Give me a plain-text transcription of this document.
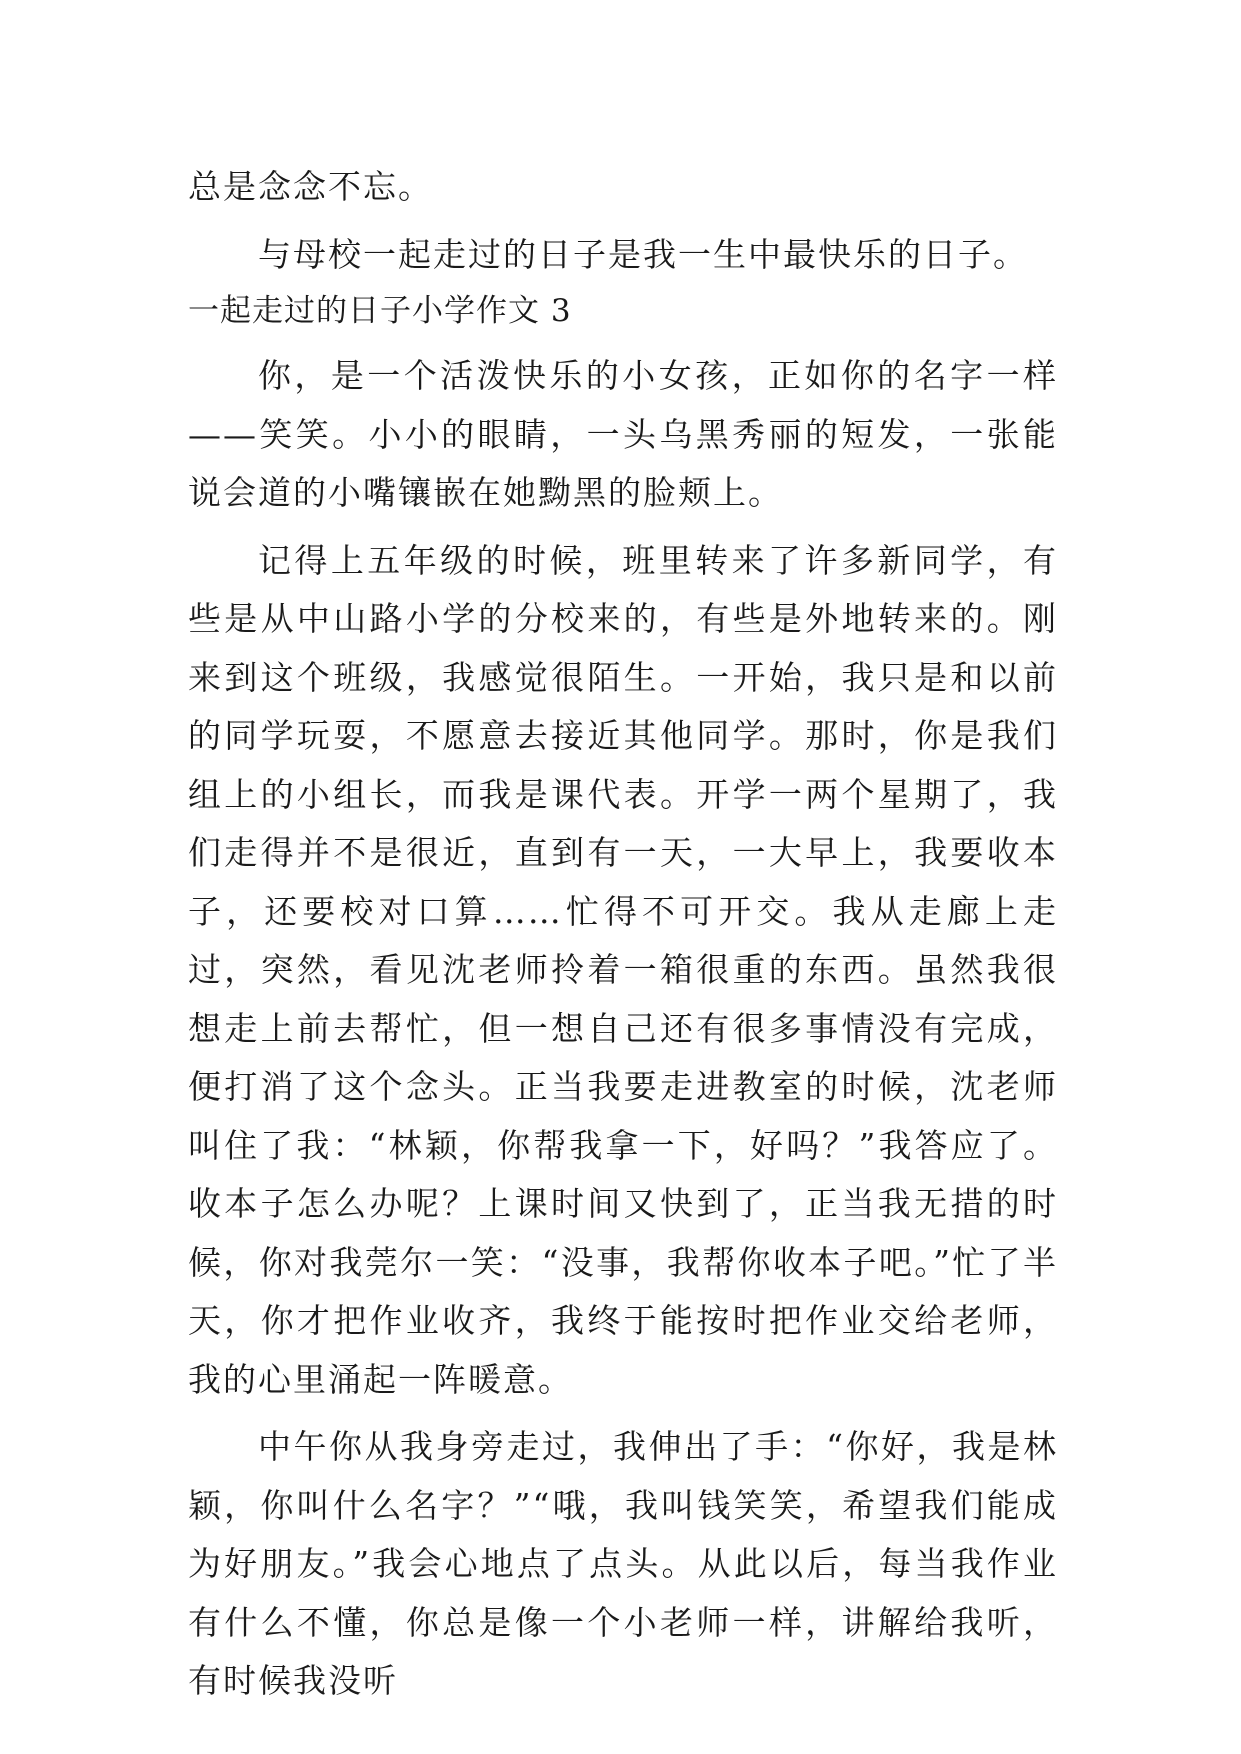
总是念念不忘。

与母校一起走过的日子是我一生中最快乐的日子。

一起走过的日子小学作文 3

你，是一个活泼快乐的小女孩，正如你的名字一样——笑笑。小小的眼睛，一头乌黑秀丽的短发，一张能说会道的小嘴镶嵌在她黝黑的脸颊上。

记得上五年级的时候，班里转来了许多新同学，有些是从中山路小学的分校来的，有些是外地转来的。刚来到这个班级，我感觉很陌生。一开始，我只是和以前的同学玩耍，不愿意去接近其他同学。那时，你是我们组上的小组长，而我是课代表。开学一两个星期了，我们走得并不是很近，直到有一天，一大早上，我要收本子，还要校对口算……忙得不可开交。我从走廊上走过，突然，看见沈老师拎着一箱很重的东西。虽然我很想走上前去帮忙，但一想自己还有很多事情没有完成，便打消了这个念头。正当我要走进教室的时候，沈老师叫住了我：“林颖，你帮我拿一下，好吗？”我答应了。收本子怎么办呢？上课时间又快到了，正当我无措的时候，你对我莞尔一笑：“没事，我帮你收本子吧。”忙了半天，你才把作业收齐，我终于能按时把作业交给老师，我的心里涌起一阵暖意。

中午你从我身旁走过，我伸出了手：“你好，我是林颖，你叫什么名字？”“哦，我叫钱笑笑，希望我们能成为好朋友。”我会心地点了点头。从此以后，每当我作业有什么不懂，你总是像一个小老师一样，讲解给我听，有时候我没听
